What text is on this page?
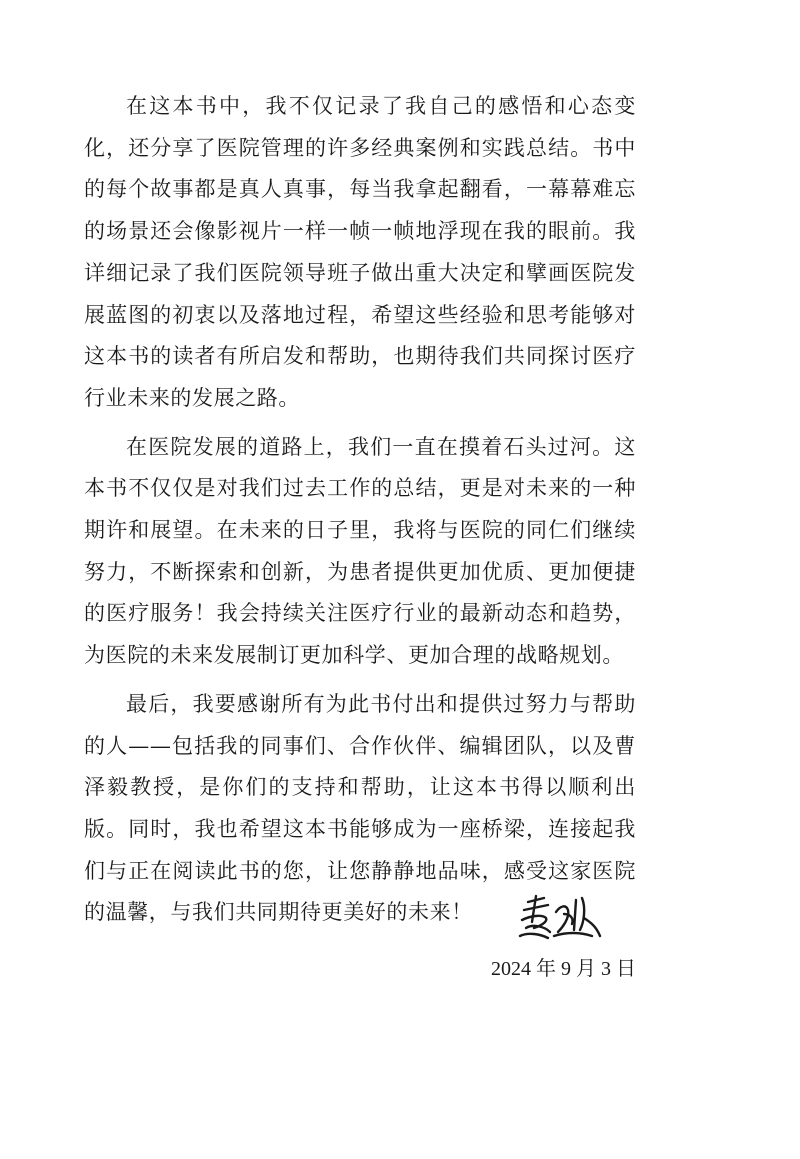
在这本书中，我不仅记录了我自己的感悟和心态变化，还分享了医院管理的许多经典案例和实践总结。书中的每个故事都是真人真事，每当我拿起翻看，一幕幕难忘的场景还会像影视片一样一帧一帧地浮现在我的眼前。我详细记录了我们医院领导班子做出重大决定和擘画医院发展蓝图的初衷以及落地过程，希望这些经验和思考能够对这本书的读者有所启发和帮助，也期待我们共同探讨医疗行业未来的发展之路。

在医院发展的道路上，我们一直在摸着石头过河。这本书不仅仅是对我们过去工作的总结，更是对未来的一种期许和展望。在未来的日子里，我将与医院的同仁们继续努力，不断探索和创新，为患者提供更加优质、更加便捷的医疗服务！我会持续关注医疗行业的最新动态和趋势，为医院的未来发展制订更加科学、更加合理的战略规划。

最后，我要感谢所有为此书付出和提供过努力与帮助的人——包括我的同事们、合作伙伴、编辑团队，以及曹泽毅教授，是你们的支持和帮助，让这本书得以顺利出版。同时，我也希望这本书能够成为一座桥梁，连接起我们与正在阅读此书的您，让您静静地品味，感受这家医院的温馨，与我们共同期待更美好的未来！

2024 年 9 月 3 日
